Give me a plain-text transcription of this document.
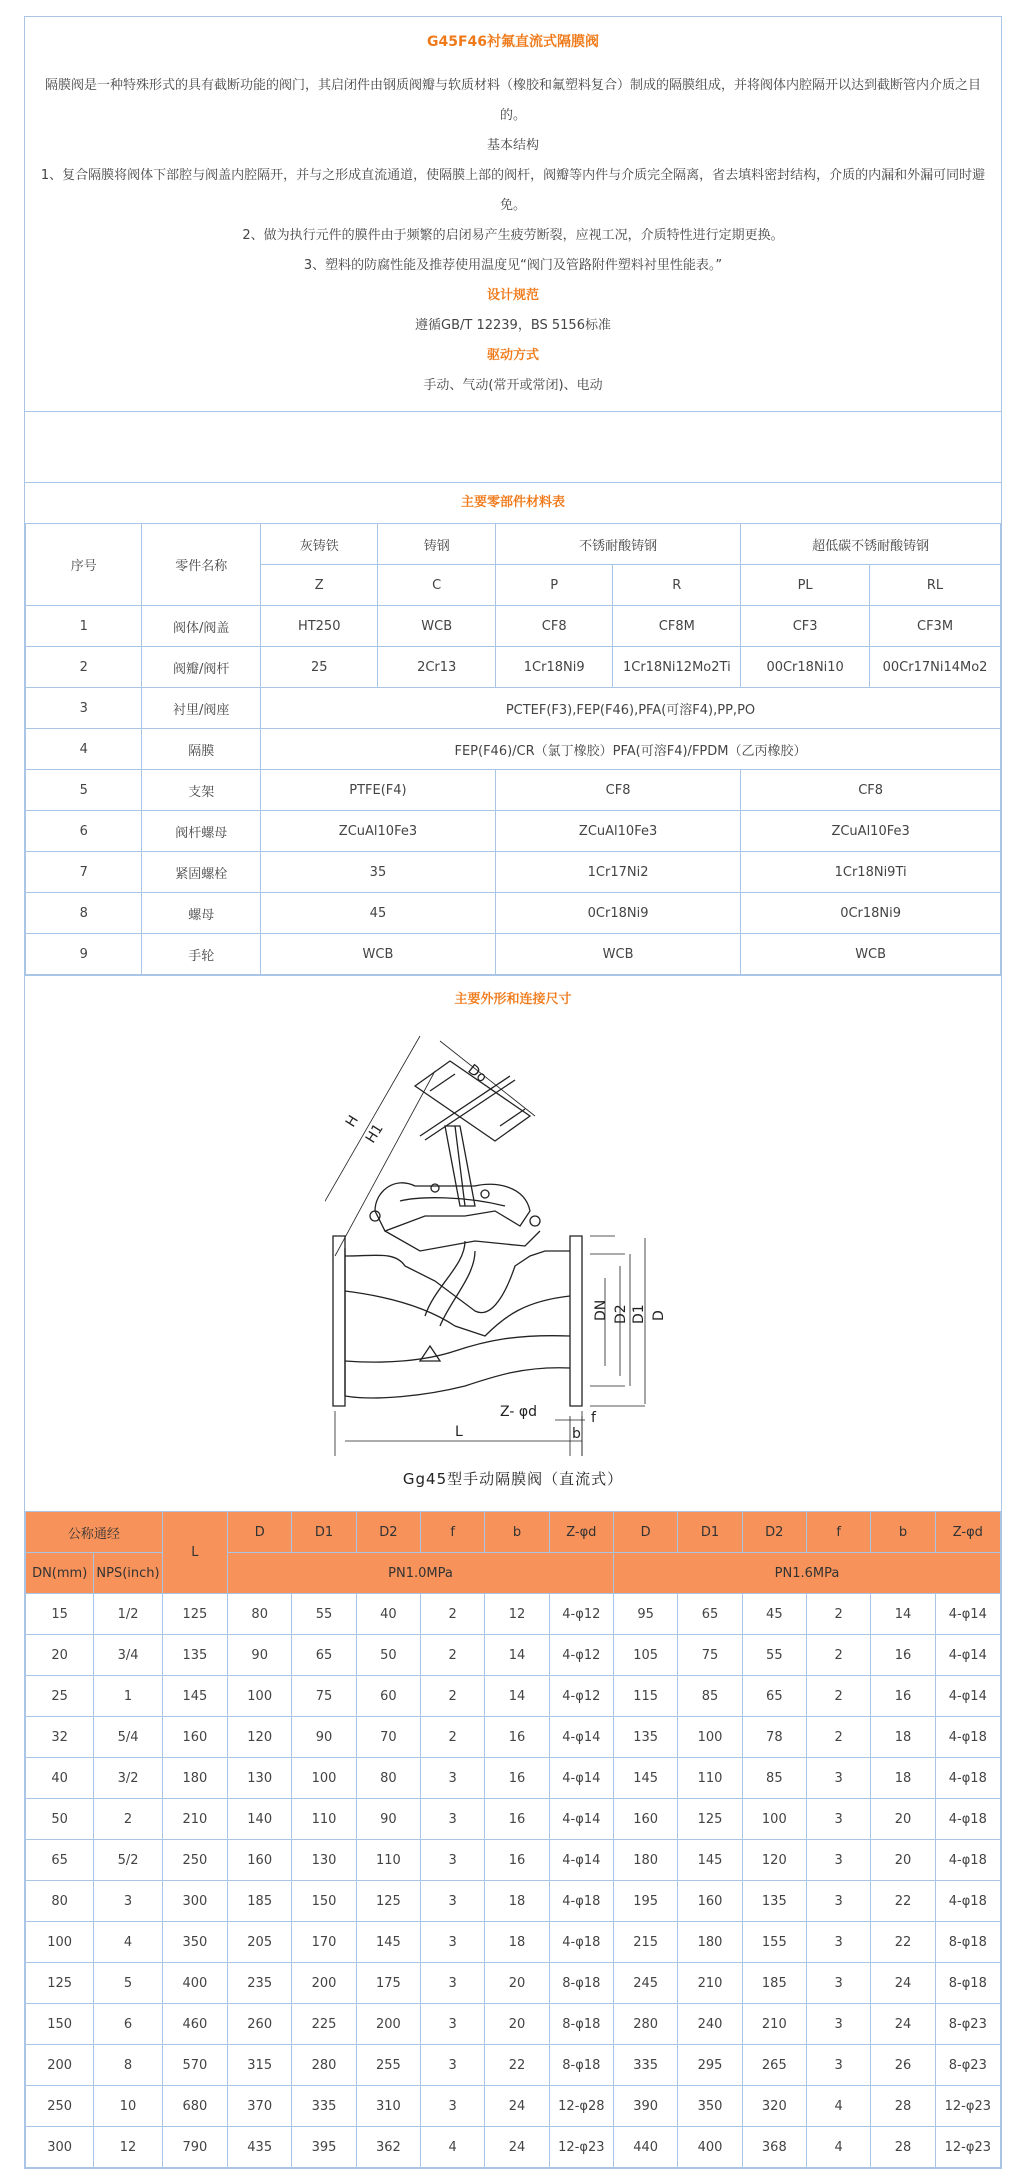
G45F46衬氟直流式隔膜阀
隔膜阀是一种特殊形式的具有截断功能的阀门，其启闭件由钢质阀瓣与软质材料（橡胶和氟塑料复合）制成的隔膜组成，并将阀体内腔隔开以达到截断管内介质之目的。
基本结构
1、复合隔膜将阀体下部腔与阀盖内腔隔开，并与之形成直流通道，使隔膜上部的阀杆，阀瓣等内件与介质完全隔离，省去填料密封结构，介质的内漏和外漏可同时避免。
2、做为执行元件的膜件由于频繁的启闭易产生疲劳断裂，应视工况，介质特性进行定期更换。
3、塑料的防腐性能及推荐使用温度见“阀门及管路附件塑料衬里性能表。”
设计规范
遵循GB/T 12239，BS 5156标准
驱动方式
手动、气动(常开或常闭)、电动
主要零部件材料表
序号	零件名称	灰铸铁	铸钢	不锈耐酸铸钢		超低碳不锈耐酸铸钢	
		Z	C	P	R	PL	RL
1	阀体/阀盖	HT250	WCB	CF8	CF8M	CF3	CF3M
2	阀瓣/阀杆	25	2Cr13	1Cr18Ni9	1Cr18Ni12Mo2Ti	00Cr18Ni10	00Cr17Ni14Mo2
3	衬里/阀座	PCTEF(F3),FEP(F46),PFA(可溶F4),PP,PO					
4	隔膜	FEP(F46)/CR（氯丁橡胶）PFA(可溶F4)/FPDM（乙丙橡胶）					
5	支架	PTFE(F4)		CF8		CF8	
6	阀杆螺母	ZCuAl10Fe3		ZCuAl10Fe3		ZCuAl10Fe3	
7	紧固螺栓	35		1Cr17Ni2		1Cr18Ni9Ti	
8	螺母	45		0Cr18Ni9		0Cr18Ni9	
9	手轮	WCB		WCB		WCB	
主要外形和连接尺寸
Do
H H1
DN D2 D1 D
Z- φd	f
b
L
Gg45型手动隔膜阀（直流式）
公称通经		L	D	D1	D2	f	b	Z-φd	D	D1	D2	f	b	Z-φd
DN(mm)	NPS(inch)		PN1.0MPa						PN1.6MPa					
15	1/2	125	80	55	40	2	12	4-φ12	95	65	45	2	14	4-φ14
20	3/4	135	90	65	50	2	14	4-φ12	105	75	55	2	16	4-φ14
25	1	145	100	75	60	2	14	4-φ12	115	85	65	2	16	4-φ14
32	5/4	160	120	90	70	2	16	4-φ14	135	100	78	2	18	4-φ18
40	3/2	180	130	100	80	3	16	4-φ14	145	110	85	3	18	4-φ18
50	2	210	140	110	90	3	16	4-φ14	160	125	100	3	20	4-φ18
65	5/2	250	160	130	110	3	16	4-φ14	180	145	120	3	20	4-φ18
80	3	300	185	150	125	3	18	4-φ18	195	160	135	3	22	4-φ18
100	4	350	205	170	145	3	18	4-φ18	215	180	155	3	22	8-φ18
125	5	400	235	200	175	3	20	8-φ18	245	210	185	3	24	8-φ18
150	6	460	260	225	200	3	20	8-φ18	280	240	210	3	24	8-φ23
200	8	570	315	280	255	3	22	8-φ18	335	295	265	3	26	8-φ23
250	10	680	370	335	310	3	24	12-φ28	390	350	320	4	28	12-φ23
300	12	790	435	395	362	4	24	12-φ23	440	400	368	4	28	12-φ23
